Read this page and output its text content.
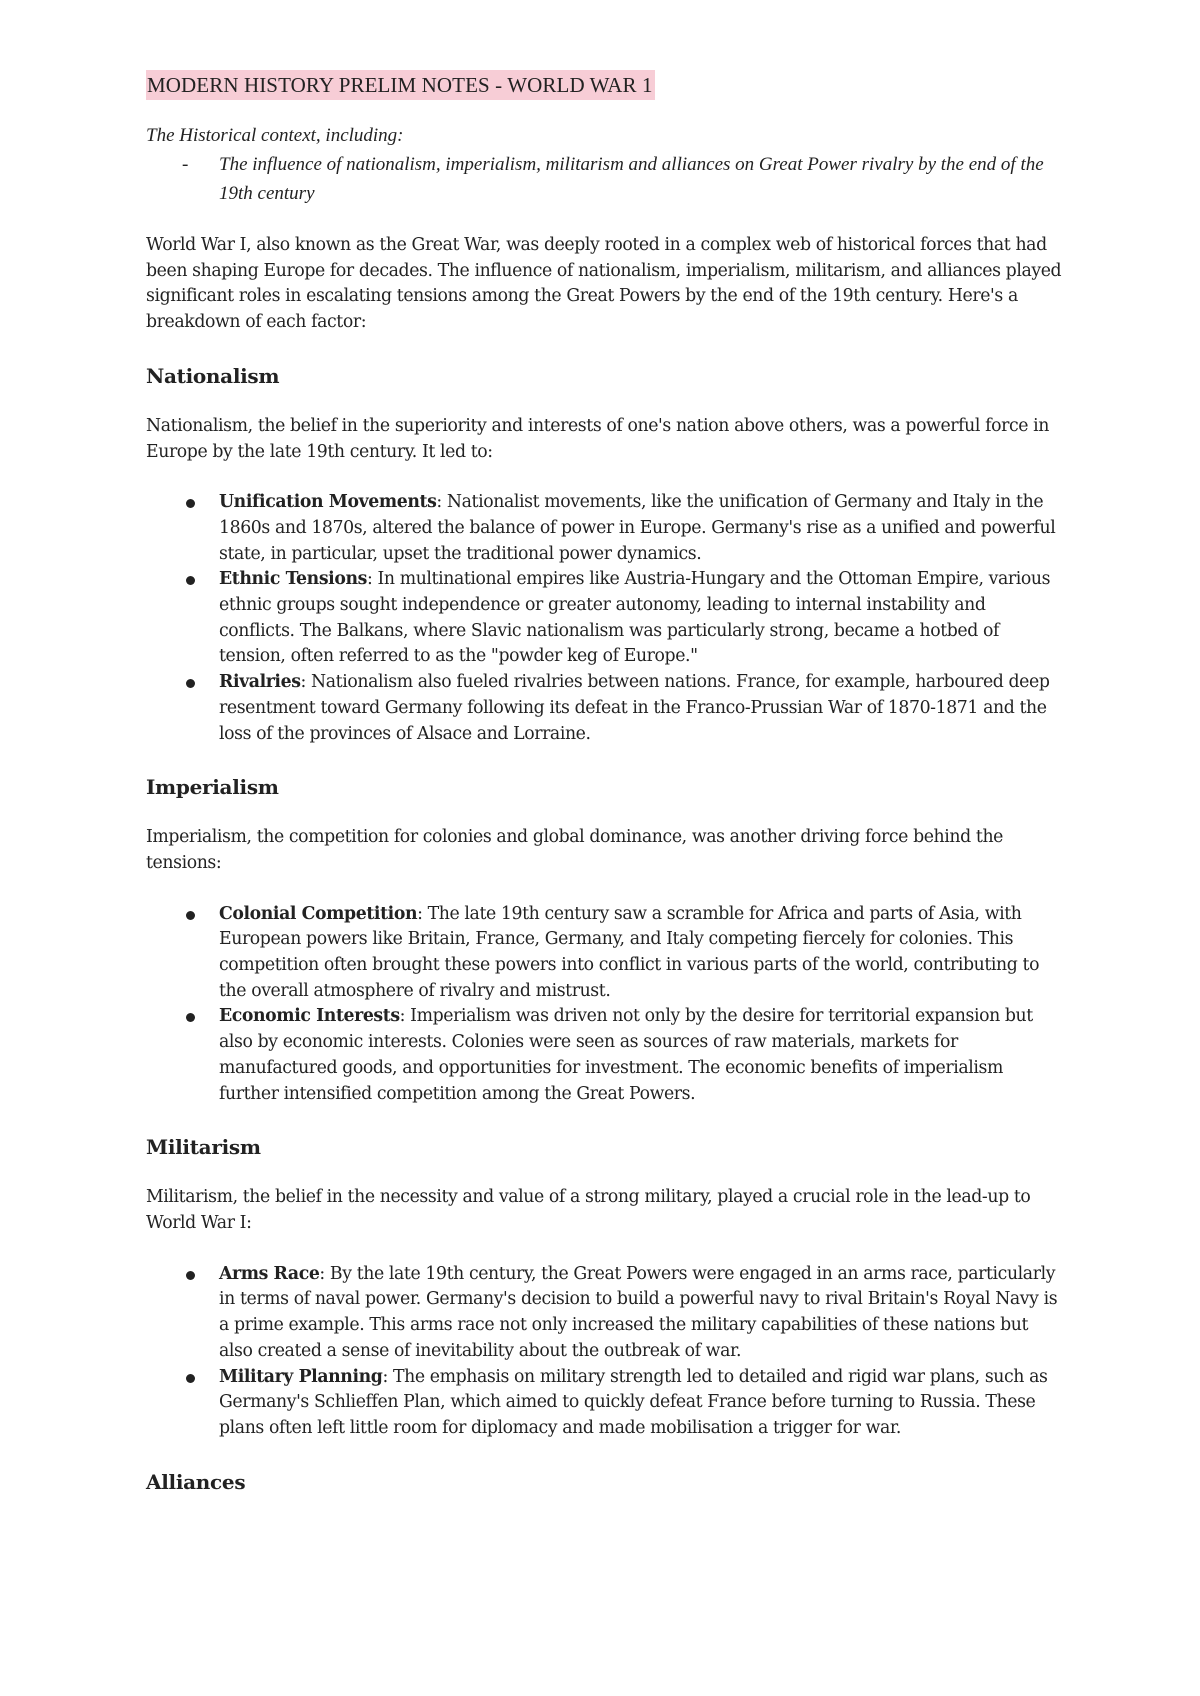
MODERN HISTORY PRELIM NOTES - WORLD WAR 1

The Historical context, including:

- The influence of nationalism, imperialism, militarism and alliances on Great Power rivalry by the end of the 19th century

World War I, also known as the Great War, was deeply rooted in a complex web of historical forces that had been shaping Europe for decades. The influence of nationalism, imperialism, militarism, and alliances played significant roles in escalating tensions among the Great Powers by the end of the 19th century. Here's a breakdown of each factor:

Nationalism

Nationalism, the belief in the superiority and interests of one's nation above others, was a powerful force in Europe by the late 19th century. It led to:

Unification Movements: Nationalist movements, like the unification of Germany and Italy in the 1860s and 1870s, altered the balance of power in Europe. Germany's rise as a unified and powerful state, in particular, upset the traditional power dynamics.
Ethnic Tensions: In multinational empires like Austria-Hungary and the Ottoman Empire, various ethnic groups sought independence or greater autonomy, leading to internal instability and conflicts. The Balkans, where Slavic nationalism was particularly strong, became a hotbed of tension, often referred to as the "powder keg of Europe."
Rivalries: Nationalism also fueled rivalries between nations. France, for example, harboured deep resentment toward Germany following its defeat in the Franco-Prussian War of 1870-1871 and the loss of the provinces of Alsace and Lorraine.
Imperialism

Imperialism, the competition for colonies and global dominance, was another driving force behind the tensions:

Colonial Competition: The late 19th century saw a scramble for Africa and parts of Asia, with European powers like Britain, France, Germany, and Italy competing fiercely for colonies. This competition often brought these powers into conflict in various parts of the world, contributing to the overall atmosphere of rivalry and mistrust.
Economic Interests: Imperialism was driven not only by the desire for territorial expansion but also by economic interests. Colonies were seen as sources of raw materials, markets for manufactured goods, and opportunities for investment. The economic benefits of imperialism further intensified competition among the Great Powers.
Militarism

Militarism, the belief in the necessity and value of a strong military, played a crucial role in the lead-up to World War I:

Arms Race: By the late 19th century, the Great Powers were engaged in an arms race, particularly in terms of naval power. Germany's decision to build a powerful navy to rival Britain's Royal Navy is a prime example. This arms race not only increased the military capabilities of these nations but also created a sense of inevitability about the outbreak of war.
Military Planning: The emphasis on military strength led to detailed and rigid war plans, such as Germany's Schlieffen Plan, which aimed to quickly defeat France before turning to Russia. These plans often left little room for diplomacy and made mobilisation a trigger for war.
Alliances
